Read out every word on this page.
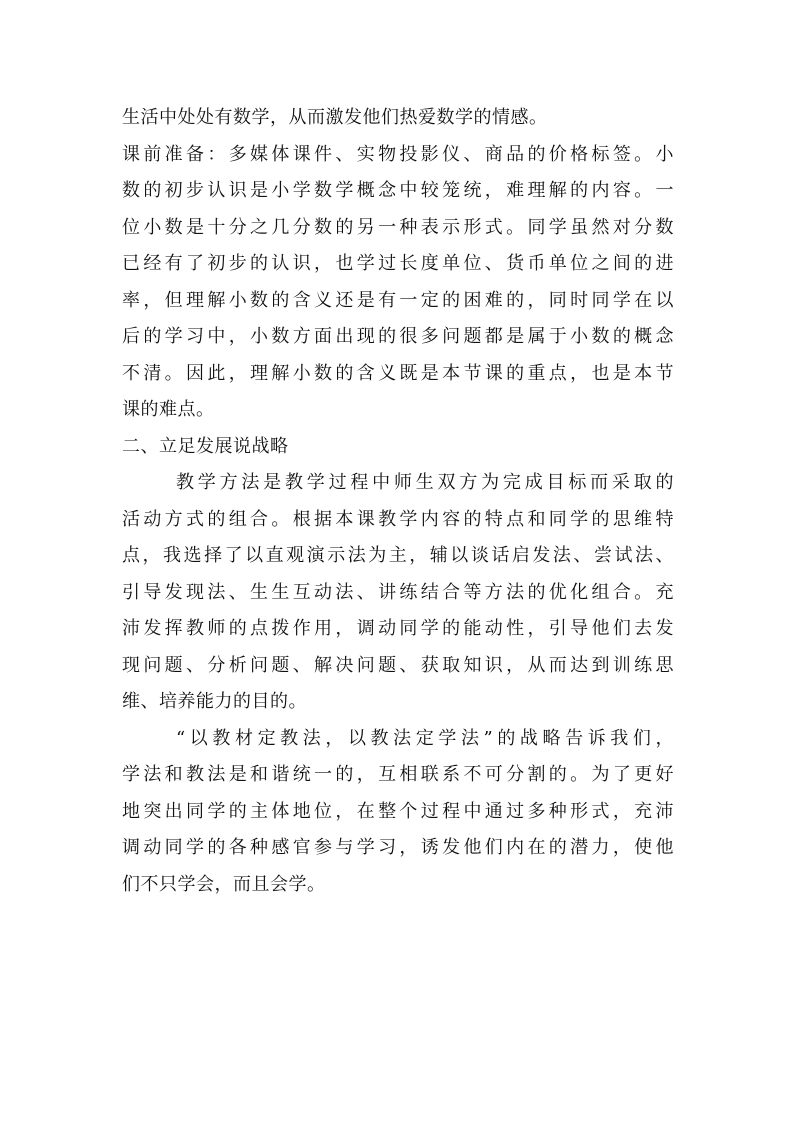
生活中处处有数学，从而激发他们热爱数学的情感。
课前准备：多媒体课件、实物投影仪、商品的价格标签。小
数的初步认识是小学数学概念中较笼统，难理解的内容。一
位小数是十分之几分数的另一种表示形式。同学虽然对分数
已经有了初步的认识，也学过长度单位、货币单位之间的进
率，但理解小数的含义还是有一定的困难的，同时同学在以
后的学习中，小数方面出现的很多问题都是属于小数的概念
不清。因此，理解小数的含义既是本节课的重点，也是本节
课的难点。
二、立足发展说战略
教学方法是教学过程中师生双方为完成目标而采取的
活动方式的组合。根据本课教学内容的特点和同学的思维特
点，我选择了以直观演示法为主，辅以谈话启发法、尝试法、
引导发现法、生生互动法、讲练结合等方法的优化组合。充
沛发挥教师的点拨作用，调动同学的能动性，引导他们去发
现问题、分析问题、解决问题、获取知识，从而达到训练思
维、培养能力的目的。
“以教材定教法，以教法定学法”的战略告诉我们，
学法和教法是和谐统一的，互相联系不可分割的。为了更好
地突出同学的主体地位，在整个过程中通过多种形式，充沛
调动同学的各种感官参与学习，诱发他们内在的潜力，使他
们不只学会，而且会学。
